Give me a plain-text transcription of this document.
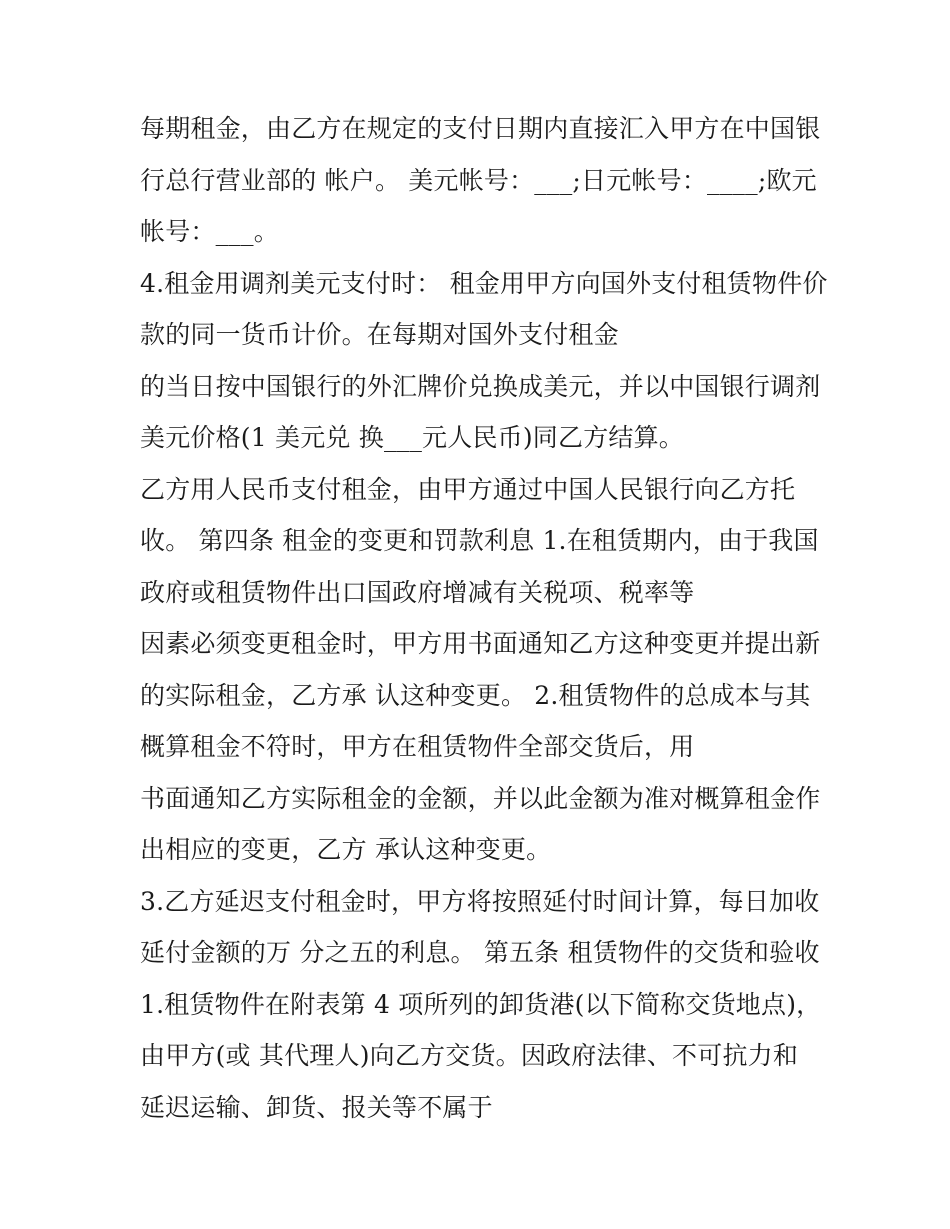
每期租金，由乙方在规定的支付日期内直接汇入甲方在中国银
行总行营业部的 帐户。 美元帐号：___;日元帐号：____;欧元
帐号：___。
4.租金用调剂美元支付时： 租金用甲方向国外支付租赁物件价
款的同一货币计价。在每期对国外支付租金
的当日按中国银行的外汇牌价兑换成美元，并以中国银行调剂
美元价格(1 美元兑 换___元人民币)同乙方结算。
乙方用人民币支付租金，由甲方通过中国人民银行向乙方托
收。 第四条 租金的变更和罚款利息 1.在租赁期内，由于我国
政府或租赁物件出口国政府增减有关税项、税率等
因素必须变更租金时，甲方用书面通知乙方这种变更并提出新
的实际租金，乙方承 认这种变更。 2.租赁物件的总成本与其
概算租金不符时，甲方在租赁物件全部交货后，用
书面通知乙方实际租金的金额，并以此金额为准对概算租金作
出相应的变更，乙方 承认这种变更。
3.乙方延迟支付租金时，甲方将按照延付时间计算，每日加收
延付金额的万 分之五的利息。 第五条 租赁物件的交货和验收
1.租赁物件在附表第 4 项所列的卸货港(以下简称交货地点)，
由甲方(或 其代理人)向乙方交货。因政府法律、不可抗力和
延迟运输、卸货、报关等不属于
